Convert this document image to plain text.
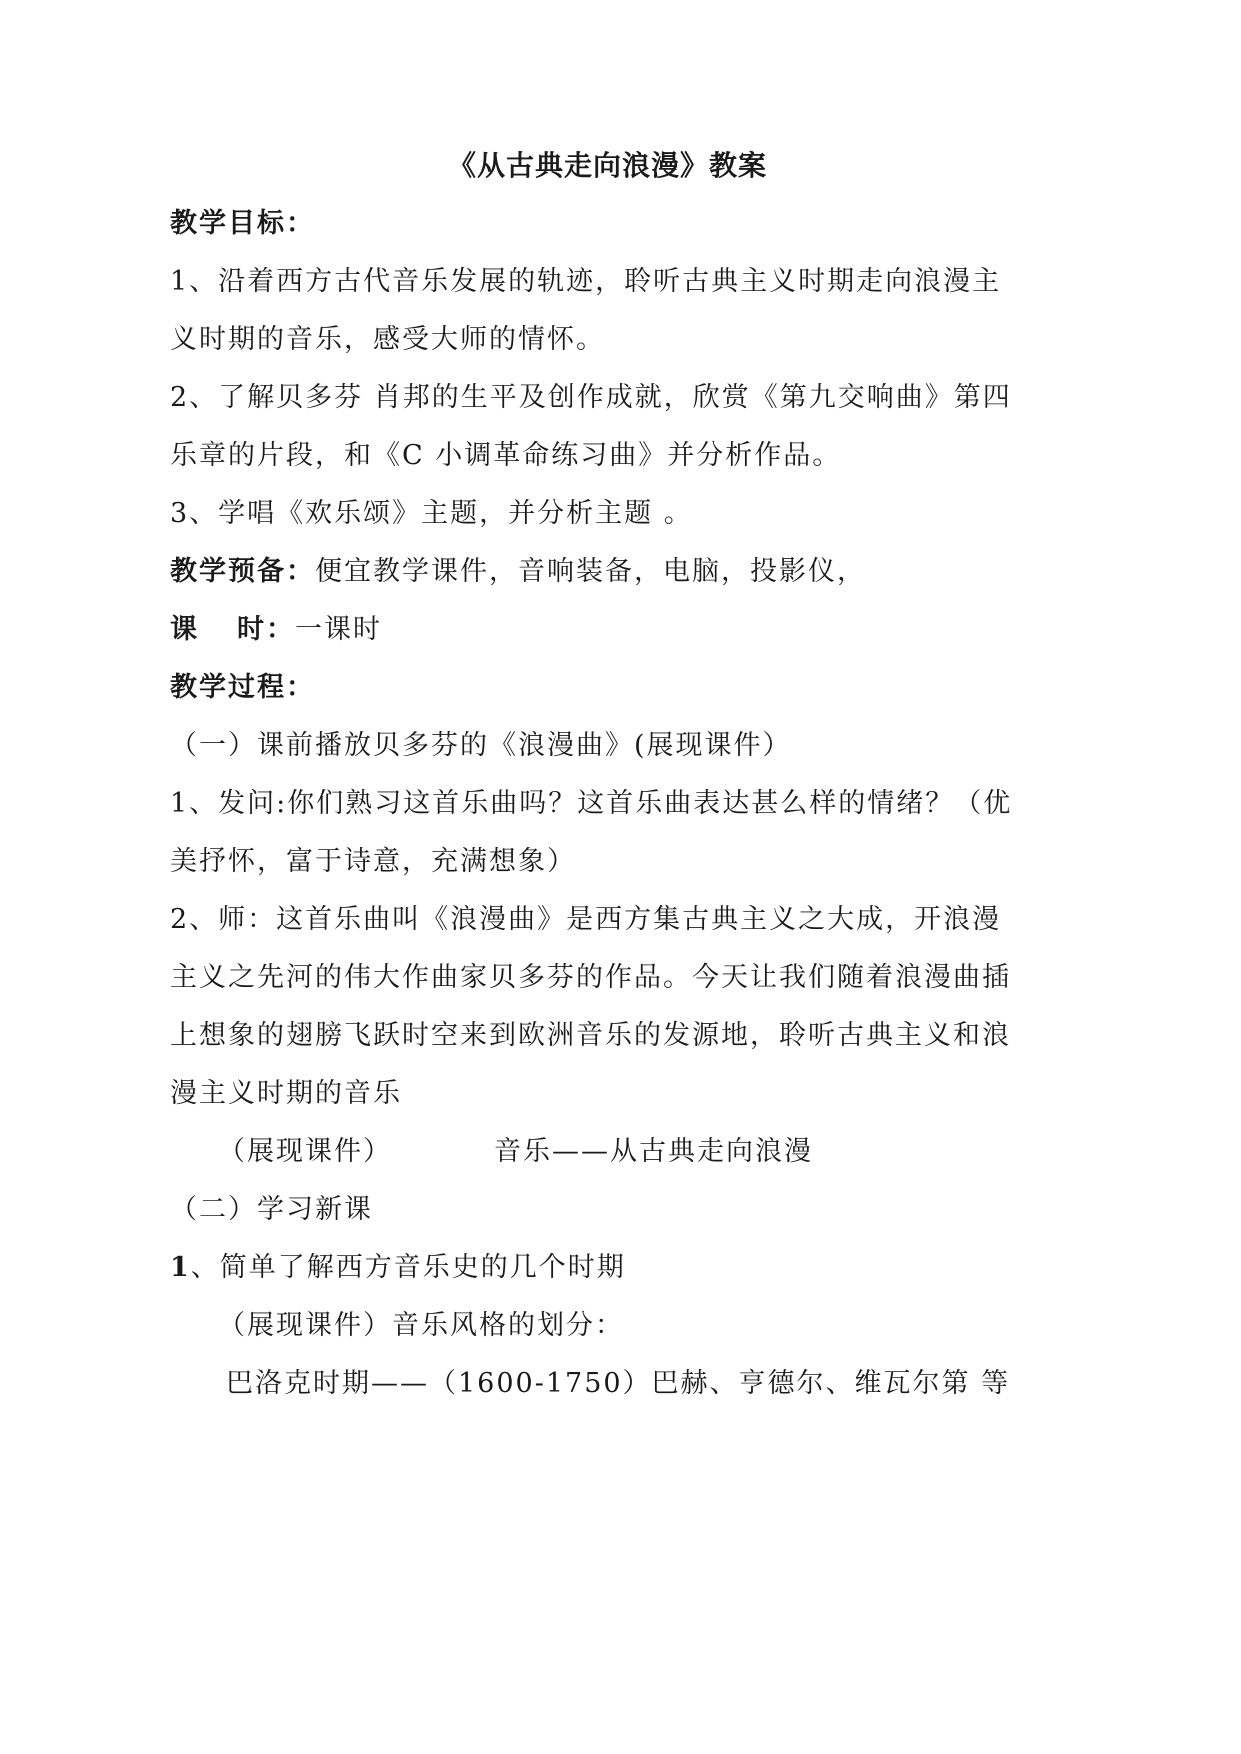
《从古典走向浪漫》教案
教学目标：
1、沿着西方古代音乐发展的轨迹，聆听古典主义时期走向浪漫主
义时期的音乐，感受大师的情怀。
2、了解贝多芬 肖邦的生平及创作成就，欣赏《第九交响曲》第四
乐章的片段，和《C 小调革命练习曲》并分析作品。
3、学唱《欢乐颂》主题，并分析主题 。
教学预备：便宜教学课件，音响装备，电脑，投影仪，
课 时：一课时
教学过程：
（一）课前播放贝多芬的《浪漫曲》(展现课件）
1、发问:你们熟习这首乐曲吗？这首乐曲表达甚么样的情绪？（优
美抒怀，富于诗意，充满想象）
2、师：这首乐曲叫《浪漫曲》是西方集古典主义之大成，开浪漫
主义之先河的伟大作曲家贝多芬的作品。今天让我们随着浪漫曲插
上想象的翅膀飞跃时空来到欧洲音乐的发源地，聆听古典主义和浪
漫主义时期的音乐
（展现课件）	音乐——从古典走向浪漫
（二）学习新课
1、简单了解西方音乐史的几个时期
（展现课件）音乐风格的划分：
巴洛克时期——（1600-1750）巴赫、亨德尔、维瓦尔第 等
